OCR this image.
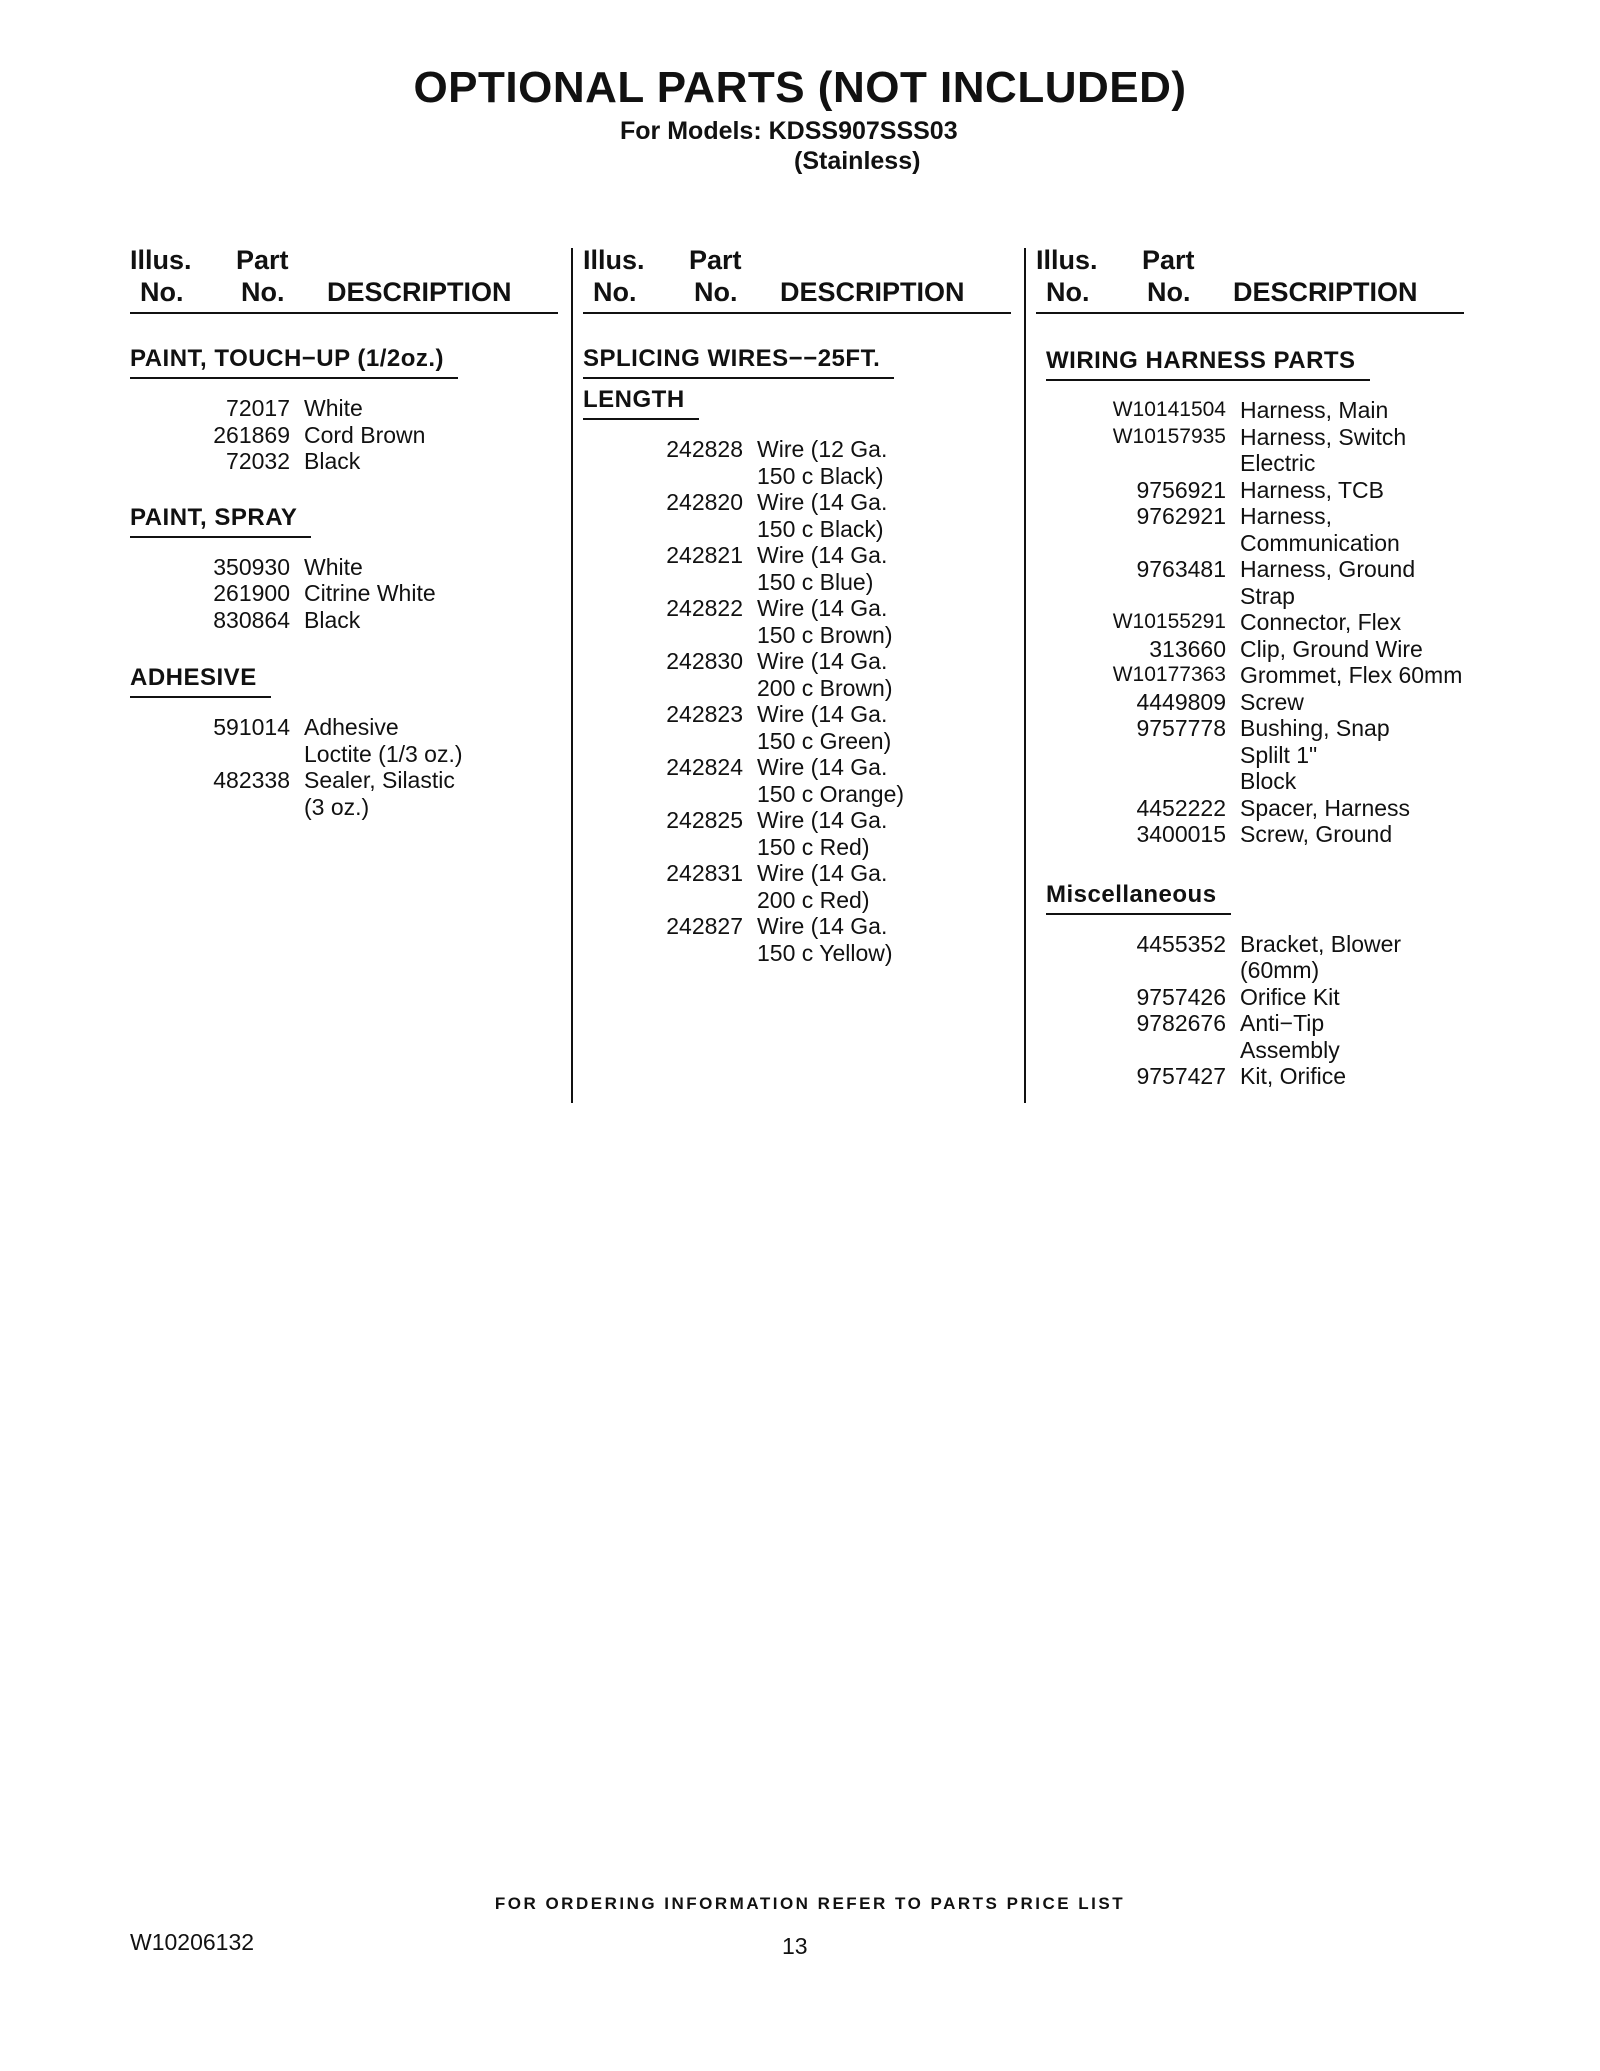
OPTIONAL PARTS (NOT INCLUDED)
For Models: KDSS907SSS03
(Stainless)
Illus.
No.
Part
No. DESCRIPTION
PAINT, TOUCH−UP (1/2oz.)
72017 White
261869 Cord Brown
72032 Black
PAINT, SPRAY
350930 White
261900 Citrine White
830864 Black
ADHESIVE
591014 Adhesive
Loctite (1/3 oz.)
482338 Sealer, Silastic
(3 oz.)
Illus.
No.
Part
No. DESCRIPTION
SPLICING WIRES−−25FT.
LENGTH
242828 Wire (12 Ga.
150 c Black)
242820 Wire (14 Ga.
150 c Black)
242821 Wire (14 Ga.
150 c Blue)
242822 Wire (14 Ga.
150 c Brown)
242830 Wire (14 Ga.
200 c Brown)
242823 Wire (14 Ga.
150 c Green)
242824 Wire (14 Ga.
150 c Orange)
242825 Wire (14 Ga.
150 c Red)
242831 Wire (14 Ga.
200 c Red)
242827 Wire (14 Ga.
150 c Yellow)
Illus.
No.
Part
No. DESCRIPTION
WIRING HARNESS PARTS
W10141504 Harness, Main
W10157935 Harness, Switch
Electric
9756921 Harness, TCB
9762921 Harness,
Communication
9763481 Harness, Ground
Strap
W10155291 Connector, Flex
313660 Clip, Ground Wire
W10177363 Grommet, Flex 60mm
4449809 Screw
9757778 Bushing, Snap
Splilt 1"
Block
4452222 Spacer, Harness
3400015 Screw, Ground
Miscellaneous
4455352 Bracket, Blower
(60mm)
9757426 Orifice Kit
9782676 Anti−Tip
Assembly
9757427 Kit, Orifice
FOR ORDERING INFORMATION REFER TO PARTS PRICE LIST
W10206132	13
